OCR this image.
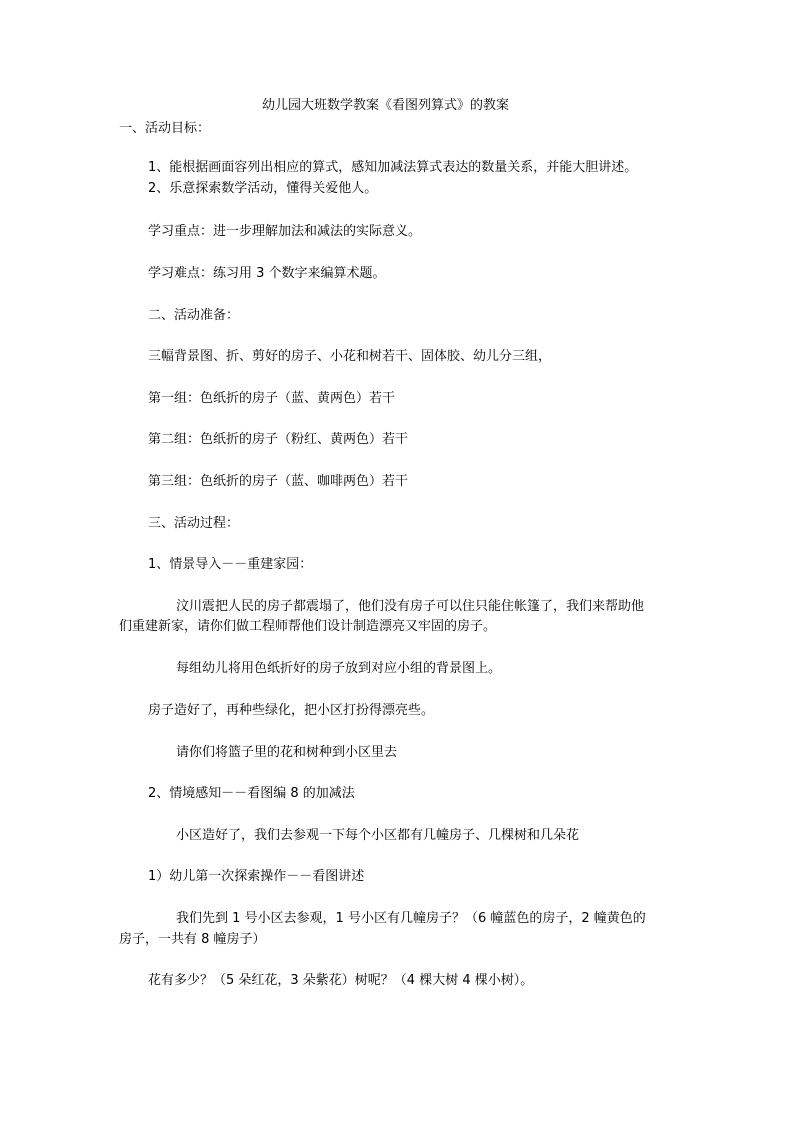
幼儿园大班数学教案《看图列算式》的教案

一、活动目标：

1、能根据画面容列出相应的算式，感知加减法算式表达的数量关系，并能大胆讲述。

2、乐意探索数学活动，懂得关爱他人。

学习重点：进一步理解加法和减法的实际意义。

学习难点：练习用 3 个数字来编算术题。

二、活动准备：

三幅背景图、折、剪好的房子、小花和树若干、固体胶、幼儿分三组，

第一组：色纸折的房子（蓝、黄两色）若干

第二组：色纸折的房子（粉红、黄两色）若干

第三组：色纸折的房子（蓝、咖啡两色）若干

三、活动过程：

1、情景导入－－重建家园：

汶川震把人民的房子都震塌了，他们没有房子可以住只能住帐篷了，我们来帮助他

们重建新家，请你们做工程师帮他们设计制造漂亮又牢固的房子。

每组幼儿将用色纸折好的房子放到对应小组的背景图上。

房子造好了，再种些绿化，把小区打扮得漂亮些。

请你们将篮子里的花和树种到小区里去

2、情境感知－－看图编 8 的加减法

小区造好了，我们去参观一下每个小区都有几幢房子、几棵树和几朵花

1）幼儿第一次探索操作－－看图讲述

我们先到 1 号小区去参观，1 号小区有几幢房子？（6 幢蓝色的房子，2 幢黄色的

房子，一共有 8 幢房子）

花有多少？（5 朵红花，3 朵紫花）树呢？（4 棵大树 4 棵小树）。
